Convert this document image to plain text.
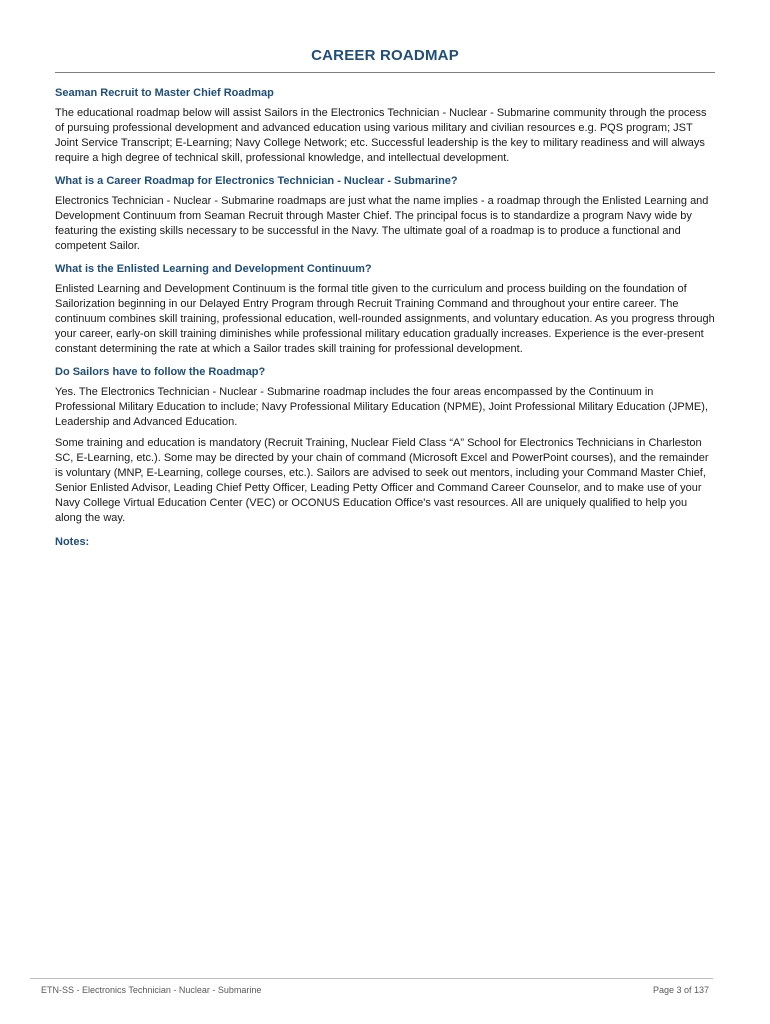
CAREER ROADMAP
Seaman Recruit to Master Chief Roadmap

The educational roadmap below will assist Sailors in the Electronics Technician - Nuclear - Submarine community through the process of pursuing professional development and advanced education using various military and civilian resources e.g. PQS program; JST Joint Service Transcript; E-Learning; Navy College Network; etc. Successful leadership is the key to military readiness and will always require a high degree of technical skill, professional knowledge, and intellectual development.

What is a Career Roadmap for Electronics Technician - Nuclear - Submarine?

Electronics Technician - Nuclear - Submarine roadmaps are just what the name implies - a roadmap through the Enlisted Learning and Development Continuum from Seaman Recruit through Master Chief. The principal focus is to standardize a program Navy wide by featuring the existing skills necessary to be successful in the Navy. The ultimate goal of a roadmap is to produce a functional and competent Sailor.

What is the Enlisted Learning and Development Continuum?

Enlisted Learning and Development Continuum is the formal title given to the curriculum and process building on the foundation of Sailorization beginning in our Delayed Entry Program through Recruit Training Command and throughout your entire career. The continuum combines skill training, professional education, well-rounded assignments, and voluntary education. As you progress through your career, early-on skill training diminishes while professional military education gradually increases. Experience is the ever-present constant determining the rate at which a Sailor trades skill training for professional development.

Do Sailors have to follow the Roadmap?

Yes. The Electronics Technician - Nuclear - Submarine roadmap includes the four areas encompassed by the Continuum in Professional Military Education to include; Navy Professional Military Education (NPME), Joint Professional Military Education (JPME), Leadership and Advanced Education.

Some training and education is mandatory (Recruit Training, Nuclear Field Class “A” School for Electronics Technicians in Charleston SC, E-Learning, etc.). Some may be directed by your chain of command (Microsoft Excel and PowerPoint courses), and the remainder is voluntary (MNP, E-Learning, college courses, etc.). Sailors are advised to seek out mentors, including your Command Master Chief, Senior Enlisted Advisor, Leading Chief Petty Officer, Leading Petty Officer and Command Career Counselor, and to make use of your Navy College Virtual Education Center (VEC) or OCONUS Education Office's vast resources. All are uniquely qualified to help you along the way.

Notes:
ETN-SS - Electronics Technician - Nuclear - Submarine	Page 3 of 137
